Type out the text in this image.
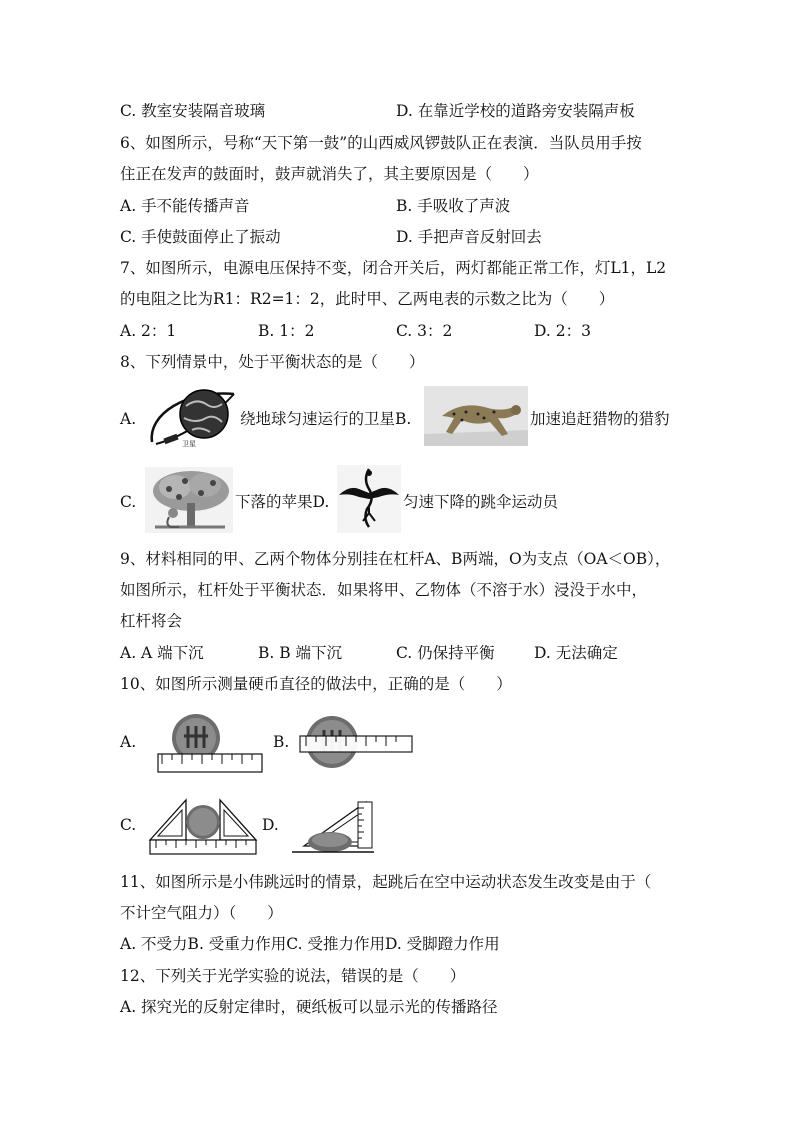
C. 教室安装隔音玻璃	D. 在靠近学校的道路旁安装隔声板
6、如图所示，号称“天下第一鼓”的山西威风锣鼓队正在表演．当队员用手按
住正在发声的鼓面时，鼓声就消失了，其主要原因是（　　）
A. 手不能传播声音	B. 手吸收了声波
C. 手使鼓面停止了振动	D. 手把声音反射回去
7、如图所示，电源电压保持不变，闭合开关后，两灯都能正常工作，灯L1，L2
的电阻之比为R1：R2=1：2，此时甲、乙两电表的示数之比为（　　）
A. 2：1	B. 1：2	C. 3：2	D. 2：3
8、下列情景中，处于平衡状态的是（　　）
A.
卫星
绕地球匀速运行的卫星B.	加速追赶猎物的猎豹
C.	下落的苹果D.	匀速下降的跳伞运动员
9、材料相同的甲、乙两个物体分别挂在杠杆A、B两端，O为支点（OA＜OB），
如图所示，杠杆处于平衡状态．如果将甲、乙物体（不溶于水）浸没于水中，
杠杆将会
A. A 端下沉	B. B 端下沉	C. 仍保持平衡	D. 无法确定
10、如图所示测量硬币直径的做法中，正确的是（　　）
A.	B.
C.	D.
11、如图所示是小伟跳远时的情景，起跳后在空中运动状态发生改变是由于（
不计空气阻力）（　　）
A. 不受力B. 受重力作用C. 受推力作用D. 受脚蹬力作用
12、下列关于光学实验的说法，错误的是（　　）
A. 探究光的反射定律时，硬纸板可以显示光的传播路径
